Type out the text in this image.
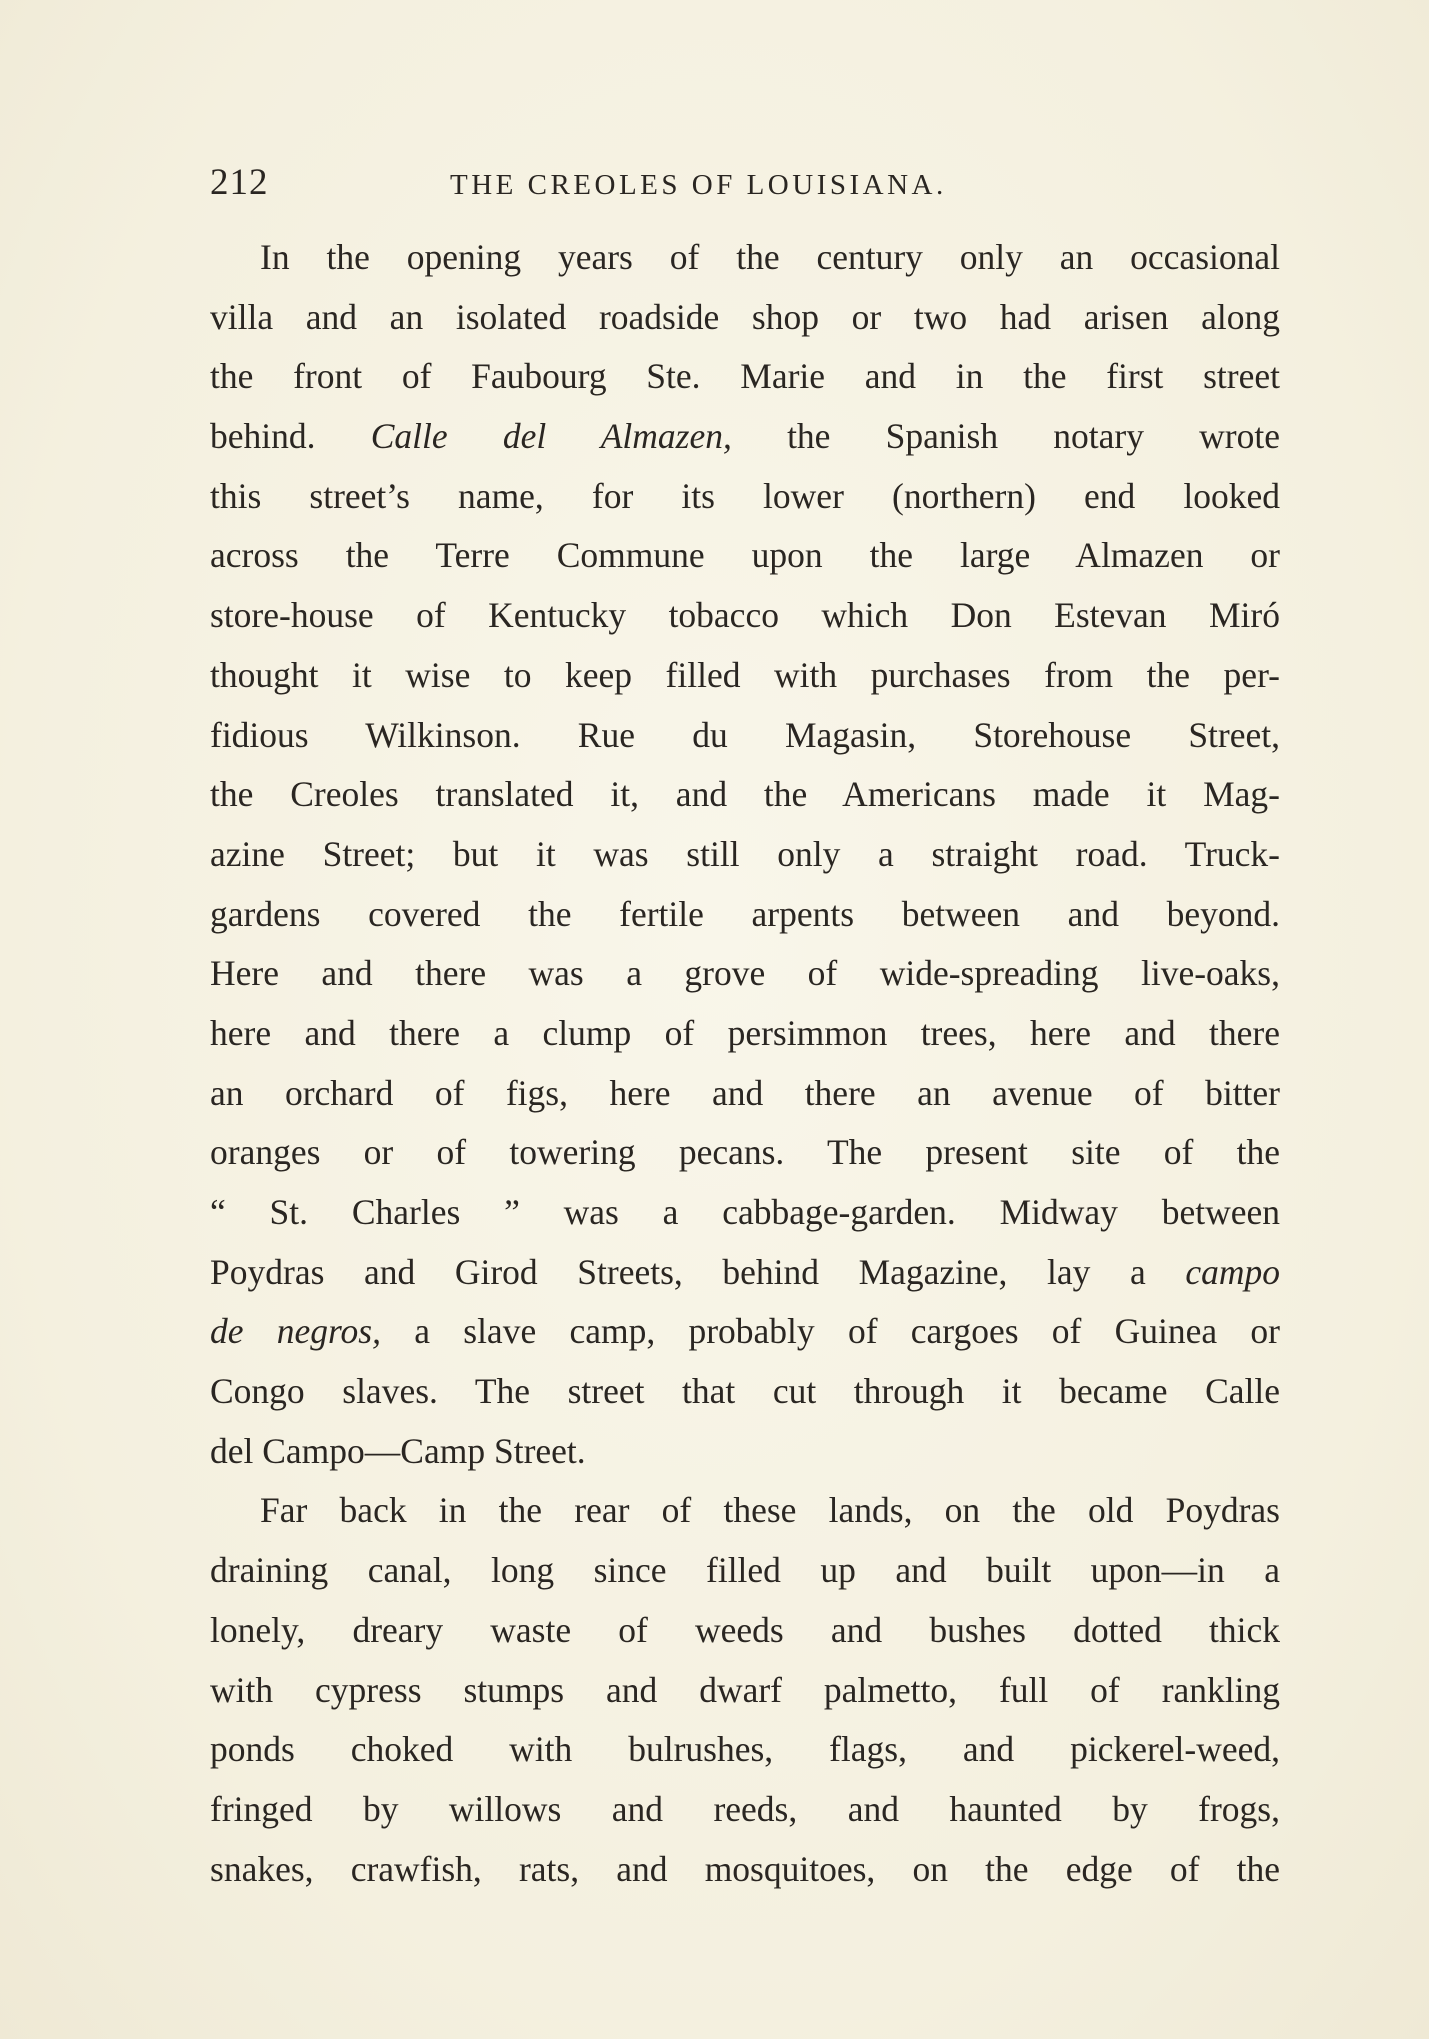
212	THE CREOLES OF LOUISIANA.
In the opening years of the century only an occasional
villa and an isolated roadside shop or two had arisen along
the front of Faubourg Ste. Marie and in the first street
behind. Calle del Almazen, the Spanish notary wrote
this street’s name, for its lower (northern) end looked
across the Terre Commune upon the large Almazen or
store-house of Kentucky tobacco which Don Estevan Miró
thought it wise to keep filled with purchases from the per-
fidious Wilkinson. Rue du Magasin, Storehouse Street,
the Creoles translated it, and the Americans made it Mag-
azine Street; but it was still only a straight road. Truck-
gardens covered the fertile arpents between and beyond.
Here and there was a grove of wide-spreading live-oaks,
here and there a clump of persimmon trees, here and there
an orchard of figs, here and there an avenue of bitter
oranges or of towering pecans. The present site of the
“ St. Charles ” was a cabbage-garden. Midway between
Poydras and Girod Streets, behind Magazine, lay a campo
de negros, a slave camp, probably of cargoes of Guinea or
Congo slaves. The street that cut through it became Calle
del Campo—Camp Street.
Far back in the rear of these lands, on the old Poydras
draining canal, long since filled up and built upon—in a
lonely, dreary waste of weeds and bushes dotted thick
with cypress stumps and dwarf palmetto, full of rankling
ponds choked with bulrushes, flags, and pickerel-weed,
fringed by willows and reeds, and haunted by frogs,
snakes, crawfish, rats, and mosquitoes, on the edge of the
